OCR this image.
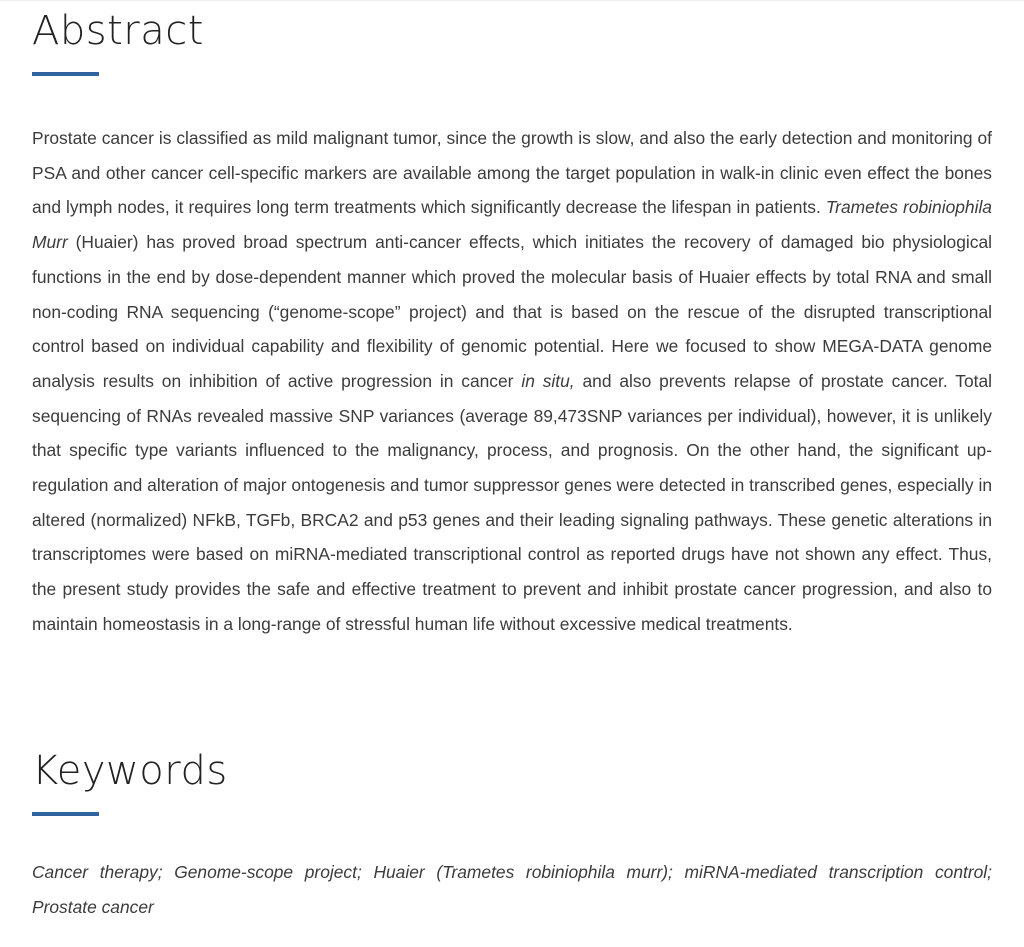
Abstract

Prostate cancer is classified as mild malignant tumor, since the growth is slow, and also the early detection and monitoring of PSA and other cancer cell-specific markers are available among the target population in walk-in clinic even effect the bones and lymph nodes, it requires long term treatments which significantly decrease the lifespan in patients. Trametes robiniophila Murr (Huaier) has proved broad spectrum anti-cancer effects, which initiates the recovery of damaged bio physiological functions in the end by dose-dependent manner which proved the molecular basis of Huaier effects by total RNA and small non-coding RNA sequencing (“genome-scope” project) and that is based on the rescue of the disrupted transcriptional control based on individual capability and flexibility of genomic potential. Here we focused to show MEGA-DATA genome analysis results on inhibition of active progression in cancer in situ, and also prevents relapse of prostate cancer. Total sequencing of RNAs revealed massive SNP variances (average 89,473SNP variances per individual), however, it is unlikely that specific type variants influenced to the malignancy, process, and prognosis. On the other hand, the significant up-regulation and alteration of major ontogenesis and tumor suppressor genes were detected in transcribed genes, especially in altered (normalized) NFkB, TGFb, BRCA2 and p53 genes and their leading signaling pathways. These genetic alterations in transcriptomes were based on miRNA-mediated transcriptional control as reported drugs have not shown any effect. Thus, the present study provides the safe and effective treatment to prevent and inhibit prostate cancer progression, and also to maintain homeostasis in a long-range of stressful human life without excessive medical treatments.

Keywords

Cancer therapy; Genome-scope project; Huaier (Trametes robiniophila murr); miRNA-mediated transcription control; Prostate cancer
